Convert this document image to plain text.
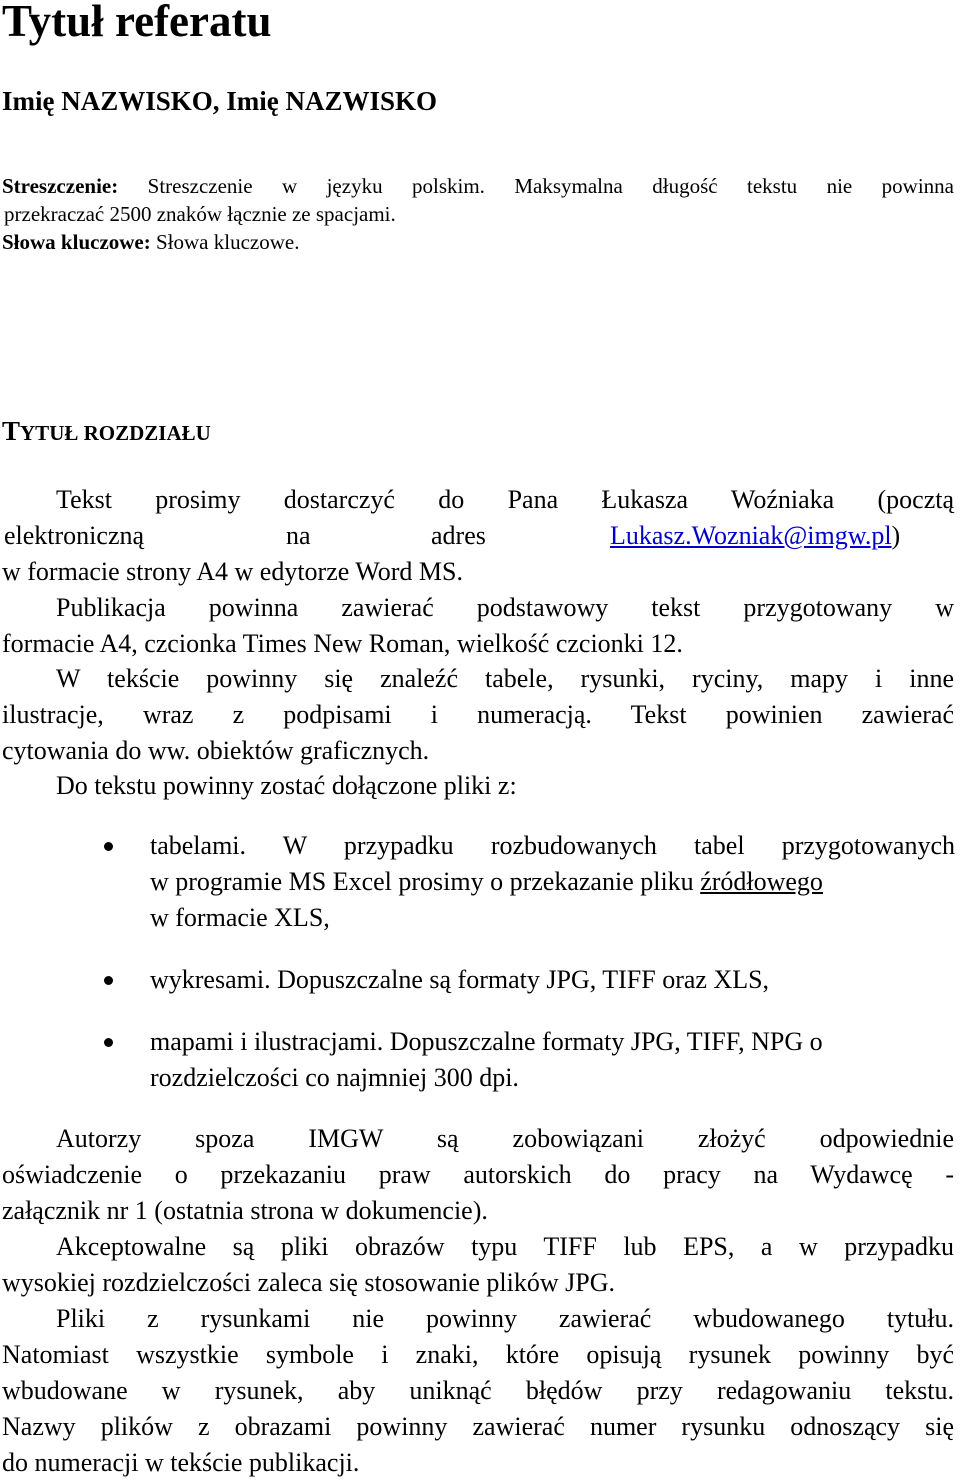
Tytuł referatu
Imię NAZWISKO, Imię NAZWISKO
Streszczenie: Streszczenie w języku polskim. Maksymalna długość tekstu nie powinna
przekraczać 2500 znaków łącznie ze spacjami.
Słowa kluczowe: Słowa kluczowe.
TYTUŁ ROZDZIAŁU
Tekst prosimy dostarczyć do Pana Łukasza Woźniaka (pocztą
elektroniczną	na	adres	Lukasz.Wozniak@imgw.pl)
w formacie strony A4 w edytorze Word MS.
Publikacja powinna zawierać podstawowy tekst przygotowany w
formacie A4, czcionka Times New Roman, wielkość czcionki 12.
W tekście powinny się znaleźć tabele, rysunki, ryciny, mapy i inne
ilustracje, wraz z podpisami i numeracją. Tekst powinien zawierać
cytowania do ww. obiektów graficznych.
Do tekstu powinny zostać dołączone pliki z:
tabelami. W przypadku rozbudowanych tabel przygotowanych
w programie MS Excel prosimy o przekazanie pliku źródłowego
w formacie XLS,
wykresami. Dopuszczalne są formaty JPG, TIFF oraz XLS,
mapami i ilustracjami. Dopuszczalne formaty JPG, TIFF, NPG o
rozdzielczości co najmniej 300 dpi.
Autorzy spoza IMGW są zobowiązani złożyć odpowiednie
oświadczenie o przekazaniu praw autorskich do pracy na Wydawcę -
załącznik nr 1 (ostatnia strona w dokumencie).
Akceptowalne są pliki obrazów typu TIFF lub EPS, a w przypadku
wysokiej rozdzielczości zaleca się stosowanie plików JPG.
Pliki z rysunkami nie powinny zawierać wbudowanego tytułu.
Natomiast wszystkie symbole i znaki, które opisują rysunek powinny być
wbudowane w rysunek, aby uniknąć błędów przy redagowaniu tekstu.
Nazwy plików z obrazami powinny zawierać numer rysunku odnoszący się
do numeracji w tekście publikacji.
